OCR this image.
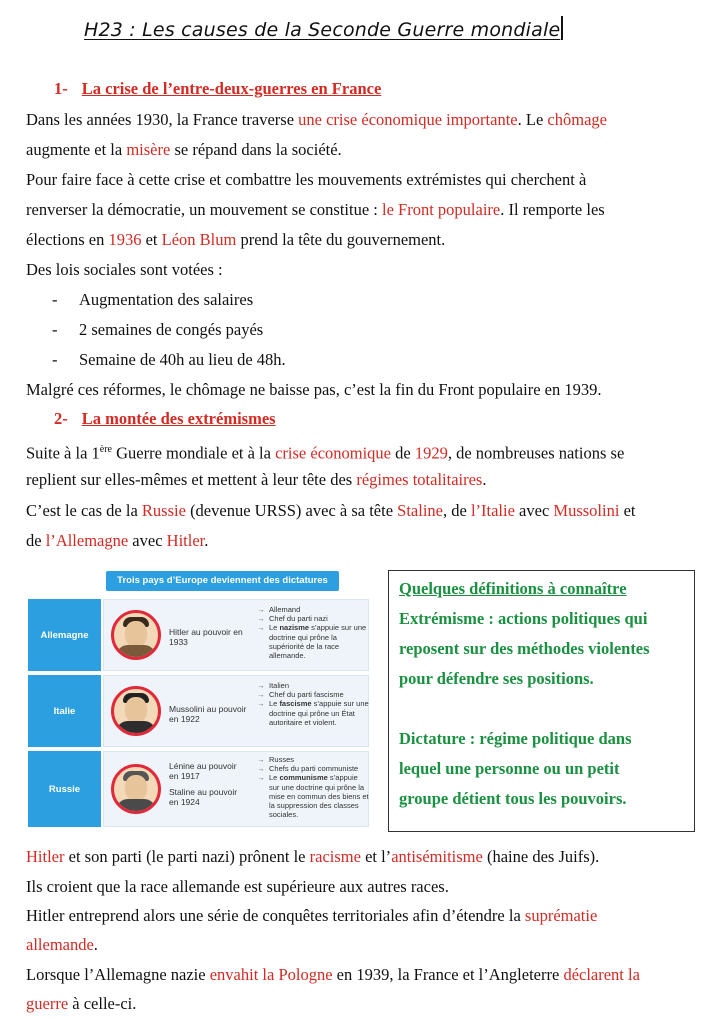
H23 : Les causes de la Seconde Guerre mondiale
1- La crise de l’entre-deux-guerres en France
Dans les années 1930, la France traverse une crise économique importante. Le chômage
augmente et la misère se répand dans la société.
Pour faire face à cette crise et combattre les mouvements extrémistes qui cherchent à
renverser la démocratie, un mouvement se constitue : le Front populaire. Il remporte les
élections en 1936 et Léon Blum prend la tête du gouvernement.
Des lois sociales sont votées :
- Augmentation des salaires
- 2 semaines de congés payés
- Semaine de 40h au lieu de 48h.
Malgré ces réformes, le chômage ne baisse pas, c’est la fin du Front populaire en 1939.
2- La montée des extrémismes
Suite à la 1ère Guerre mondiale et à la crise économique de 1929, de nombreuses nations se
replient sur elles-mêmes et mettent à leur tête des régimes totalitaires.
C’est le cas de la Russie (devenue URSS) avec à sa tête Staline, de l’Italie avec Mussolini et
de l’Allemagne avec Hitler.
Trois pays d’Europe deviennent des dictatures
Allemagne	Hitler au pouvoir en 1933
→ Allemand
→ Chef du parti nazi
→ Le nazisme s’appuie sur une doctrine qui prône la supériorité de la race allemande.
Italie	Mussolini au pouvoir en 1922
→ Italien
→ Chef du parti fascisme
→ Le fascisme s’appuie sur une doctrine qui prône un État autoritaire et violent.
Russie
Lénine au pouvoir en 1917
Staline au pouvoir en 1924
→ Russes
→ Chefs du parti communiste
→ Le communisme s’appuie sur une doctrine qui prône la mise en commun des biens et la suppression des classes sociales.
Quelques définitions à connaître
Extrémisme : actions politiques qui
reposent sur des méthodes violentes
pour défendre ses positions.
Dictature : régime politique dans
lequel une personne ou un petit
groupe détient tous les pouvoirs.
Hitler et son parti (le parti nazi) prônent le racisme et l’antisémitisme (haine des Juifs).
Ils croient que la race allemande est supérieure aux autres races.
Hitler entreprend alors une série de conquêtes territoriales afin d’étendre la suprématie
allemande.
Lorsque l’Allemagne nazie envahit la Pologne en 1939, la France et l’Angleterre déclarent la
guerre à celle-ci.
